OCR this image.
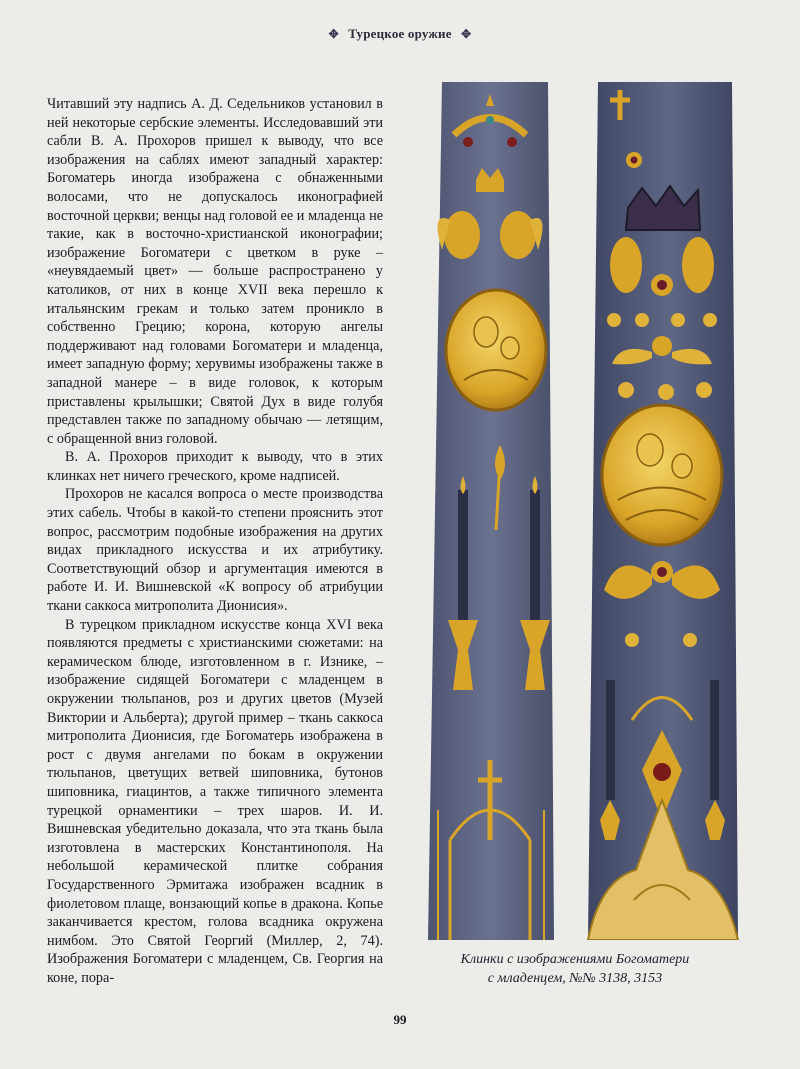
✥ Турецкое оружие ✥

Читавший эту надпись А. Д. Седельников установил в ней некоторые сербские элементы. Исследовавший эти сабли В. А. Прохоров пришел к выводу, что все изображения на саблях имеют западный характер: Богоматерь иногда изображена с обнаженными волосами, что не допускалось иконографией восточной церкви; венцы над головой ее и младенца не такие, как в восточно-христианской иконографии; изображение Богоматери с цветком в руке – «неувядаемый цвет» — больше распространено у католиков, от них в конце XVII века перешло к итальянским грекам и только затем проникло в собственно Грецию; корона, которую ангелы поддерживают над головами Богоматери и младенца, имеет западную форму; херувимы изображены также в западной манере – в виде головок, к которым приставлены крылышки; Святой Дух в виде голубя представлен также по западному обычаю — летящим, с обращенной вниз головой.

В. А. Прохоров приходит к выводу, что в этих клинках нет ничего греческого, кроме надписей.

Прохоров не касался вопроса о месте производства этих сабель. Чтобы в какой-то степени прояснить этот вопрос, рассмотрим подобные изображения на других видах прикладного искусства и их атрибутику. Соответствующий обзор и аргументация имеются в работе И. И. Вишневской «К вопросу об атрибуции ткани саккоса митрополита Дионисия».

В турецком прикладном искусстве конца XVI века появляются предметы с христианскими сюжетами: на керамическом блюде, изготовленном в г. Изнике, – изображение сидящей Богоматери с младенцем в окружении тюльпанов, роз и других цветов (Музей Виктории и Альберта); другой пример – ткань саккоса митрополита Дионисия, где Богоматерь изображена в рост с двумя ангелами по бокам в окружении тюльпанов, цветущих ветвей шиповника, бутонов шиповника, гиацинтов, а также типичного элемента турецкой орнаментики – трех шаров. И. И. Вишневская убедительно доказала, что эта ткань была изготовлена в мастерских Константинополя. На небольшой керамической плитке собрания Государственного Эрмитажа изображен всадник в фиолетовом плаще, вонзающий копье в дракона. Копье заканчивается крестом, голова всадника окружена нимбом. Это Святой Георгий (Миллер, 2, 74). Изображения Богоматери с младенцем, Св. Георгия на коне, пора-

Клинки с изображениями Богоматери
с младенцем, №№ 3138, 3153
99
